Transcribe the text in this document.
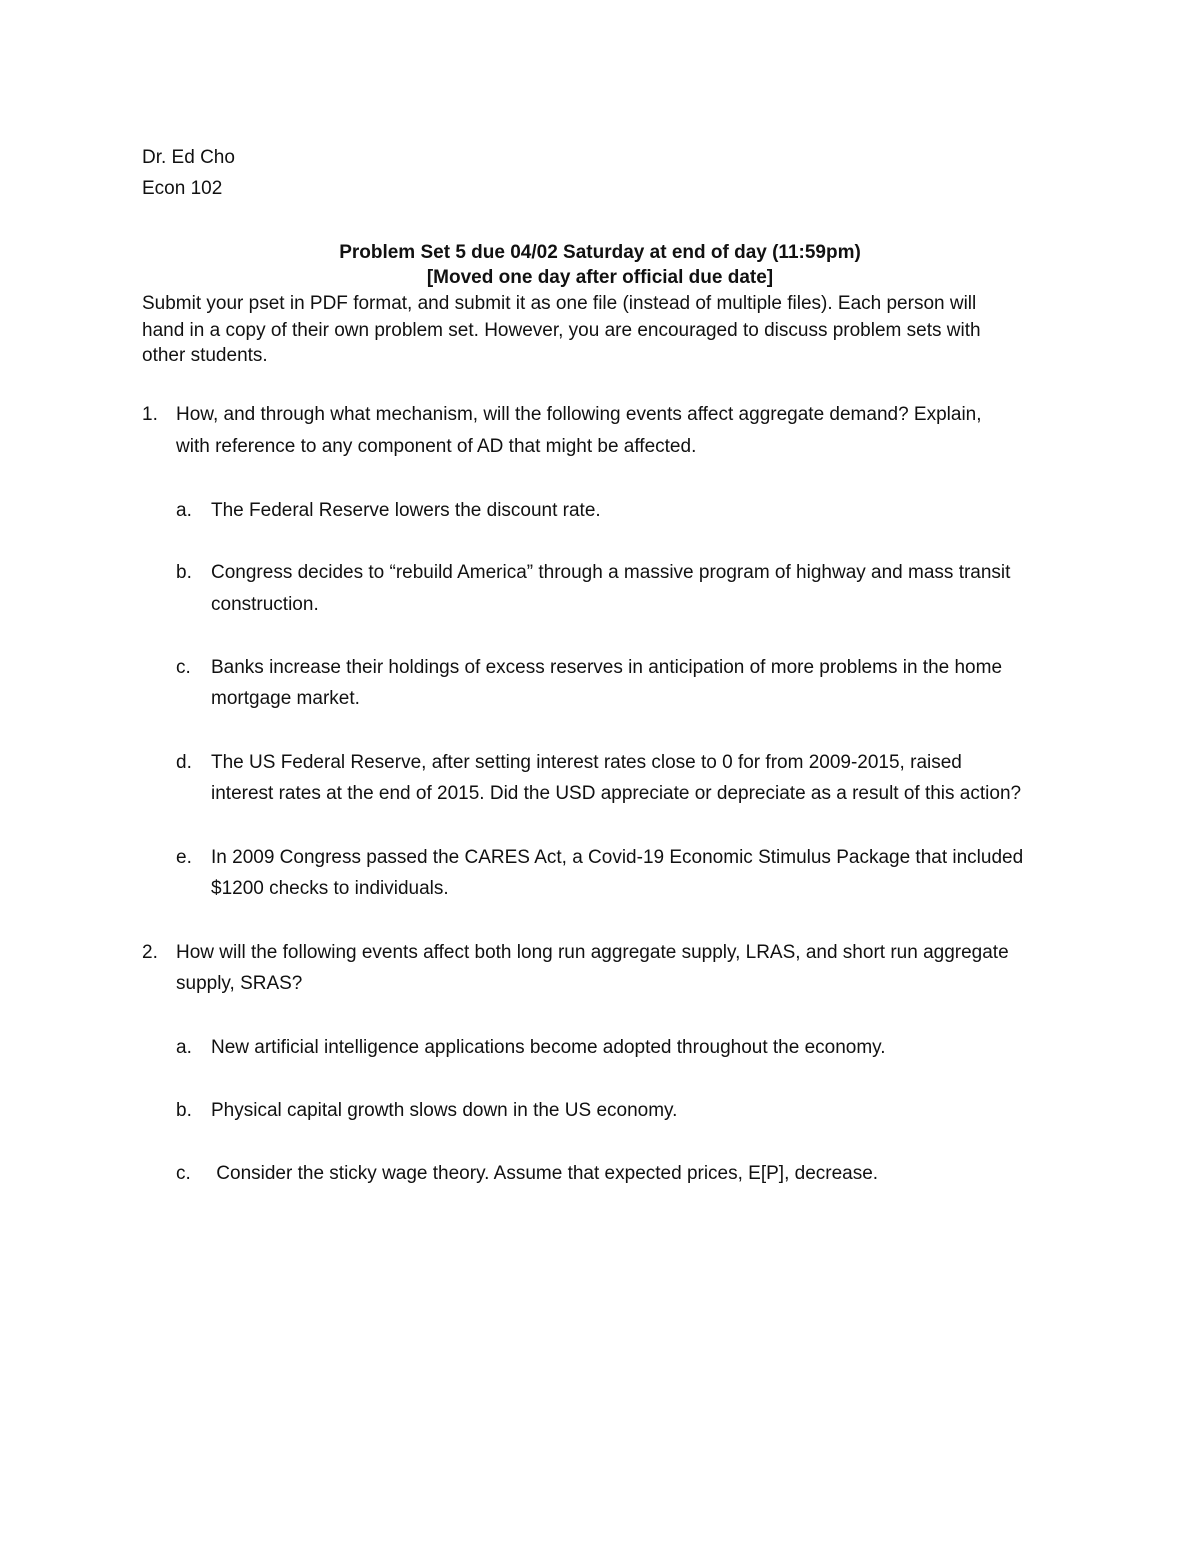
Dr. Ed Cho
Econ 102
Problem Set 5 due 04/02 Saturday at end of day (11:59pm)
[Moved one day after official due date]
Submit your pset in PDF format, and submit it as one file (instead of multiple files). Each person will
hand in a copy of their own problem set. However, you are encouraged to discuss problem sets with
other students.
1. How, and through what mechanism, will the following events affect aggregate demand? Explain,
with reference to any component of AD that might be affected.
a. The Federal Reserve lowers the discount rate.
b. Congress decides to “rebuild America” through a massive program of highway and mass transit
construction.
c. Banks increase their holdings of excess reserves in anticipation of more problems in the home
mortgage market.
d. The US Federal Reserve, after setting interest rates close to 0 for from 2009-2015, raised
interest rates at the end of 2015. Did the USD appreciate or depreciate as a result of this action?
e. In 2009 Congress passed the CARES Act, a Covid-19 Economic Stimulus Package that included
$1200 checks to individuals.
2. How will the following events affect both long run aggregate supply, LRAS, and short run aggregate
supply, SRAS?
a. New artificial intelligence applications become adopted throughout the economy.
b. Physical capital growth slows down in the US economy.
c. Consider the sticky wage theory. Assume that expected prices, E[P], decrease.
